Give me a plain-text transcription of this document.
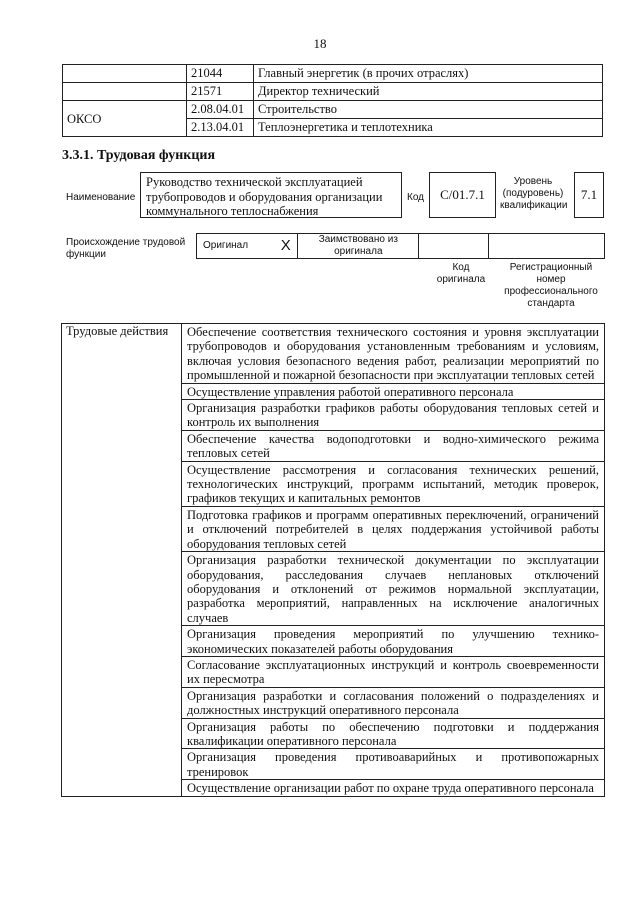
18
	21044	Главный энергетик (в прочих отраслях)
	21571	Директор технический
ОКСО	2.08.04.01	Строительство
	2.13.04.01	Теплоэнергетика и теплотехника
3.3.1. Трудовая функция
Наименование
Руководство технической эксплуатацией трубопроводов и оборудования организации коммунального теплоснабжения
Код	C/01.7.1
Уровень (подуровень) квалификации
7.1
Происхождение трудовой функции
Оригинал	X	Заимствовано из оригинала		
Код оригинала
Регистрационный номер профессионального стандарта
Трудовые действия	Обеспечение соответствия технического состояния и уровня эксплуатации трубопроводов и оборудования установленным требованиям и условиям, включая условия безопасного ведения работ, реализации мероприятий по промышленной и пожарной безопасности при эксплуатации тепловых сетей
Осуществление управления работой оперативного персонала
Организация разработки графиков работы оборудования тепловых сетей и контроль их выполнения
Обеспечение качества водоподготовки и водно-химического режима тепловых сетей
Осуществление рассмотрения и согласования технических решений, технологических инструкций, программ испытаний, методик проверок, графиков текущих и капитальных ремонтов
Подготовка графиков и программ оперативных переключений, ограничений и отключений потребителей в целях поддержания устойчивой работы оборудования тепловых сетей
Организация разработки технической документации по эксплуатации оборудования, расследования случаев неплановых отключений оборудования и отклонений от режимов нормальной эксплуатации, разработка мероприятий, направленных на исключение аналогичных случаев
Организация проведения мероприятий по улучшению технико-экономических показателей работы оборудования
Согласование эксплуатационных инструкций и контроль своевременности их пересмотра
Организация разработки и согласования положений о подразделениях и должностных инструкций оперативного персонала
Организация работы по обеспечению подготовки и поддержания квалификации оперативного персонала
Организация проведения противоаварийных и противопожарных тренировок
Осуществление организации работ по охране труда оперативного персонала
